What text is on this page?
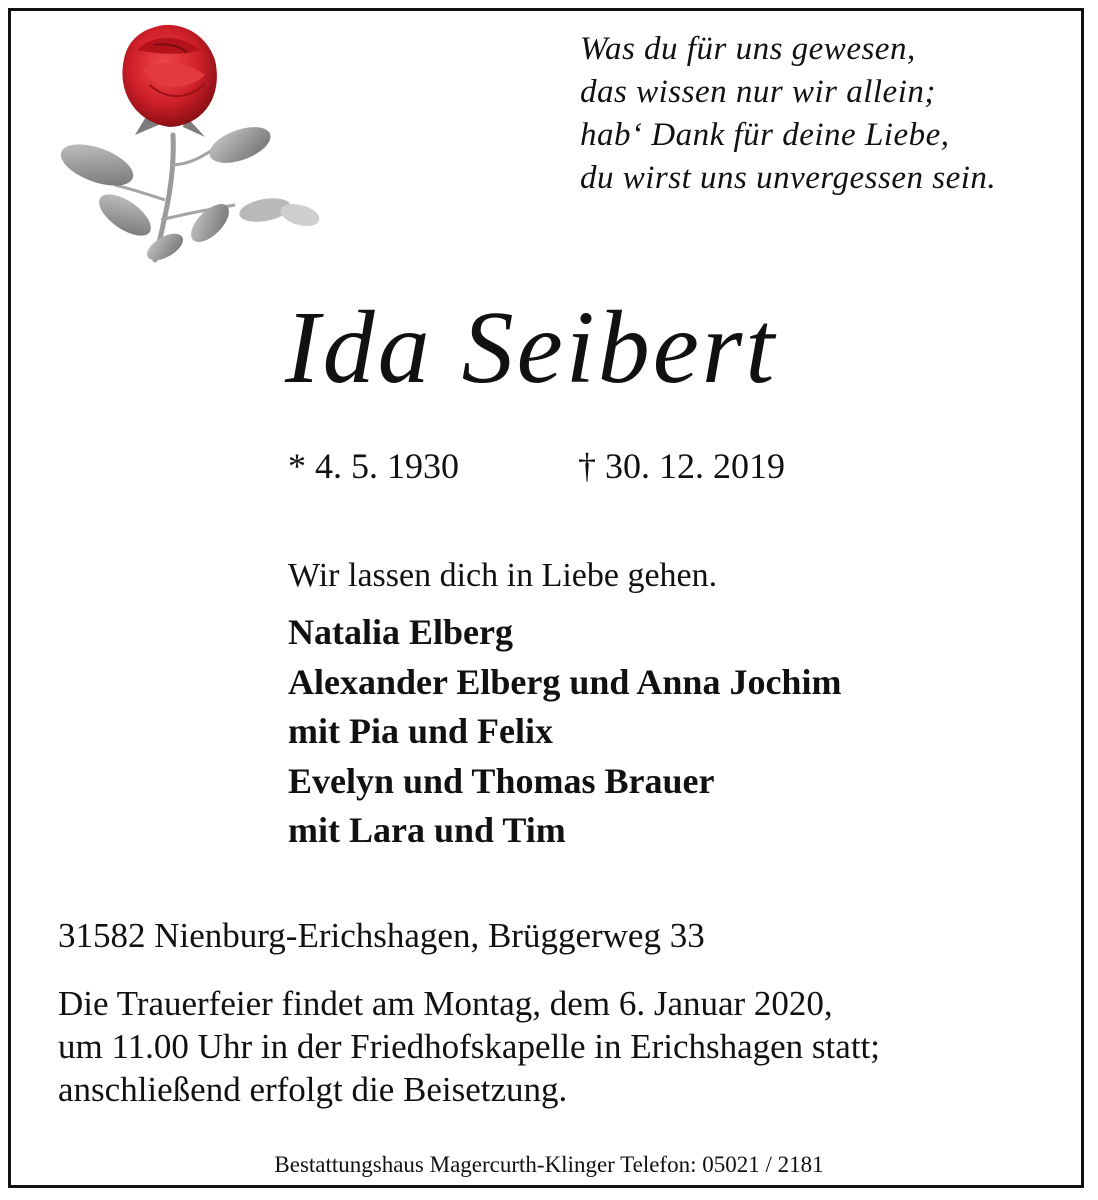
Was du für uns gewesen,
das wissen nur wir allein;
hab‘ Dank für deine Liebe,
du wirst uns unvergessen sein.
Ida Seibert
* 4. 5. 1930	† 30. 12. 2019
Wir lassen dich in Liebe gehen.
Natalia Elberg
Alexander Elberg und Anna Jochim
mit Pia und Felix
Evelyn und Thomas Brauer
mit Lara und Tim
31582 Nienburg-Erichshagen, Brüggerweg 33
Die Trauerfeier findet am Montag, dem 6. Januar 2020,
um 11.00 Uhr in der Friedhofskapelle in Erichshagen statt;
anschließend erfolgt die Beisetzung.
Bestattungshaus Magercurth-Klinger Telefon: 05021 / 2181
